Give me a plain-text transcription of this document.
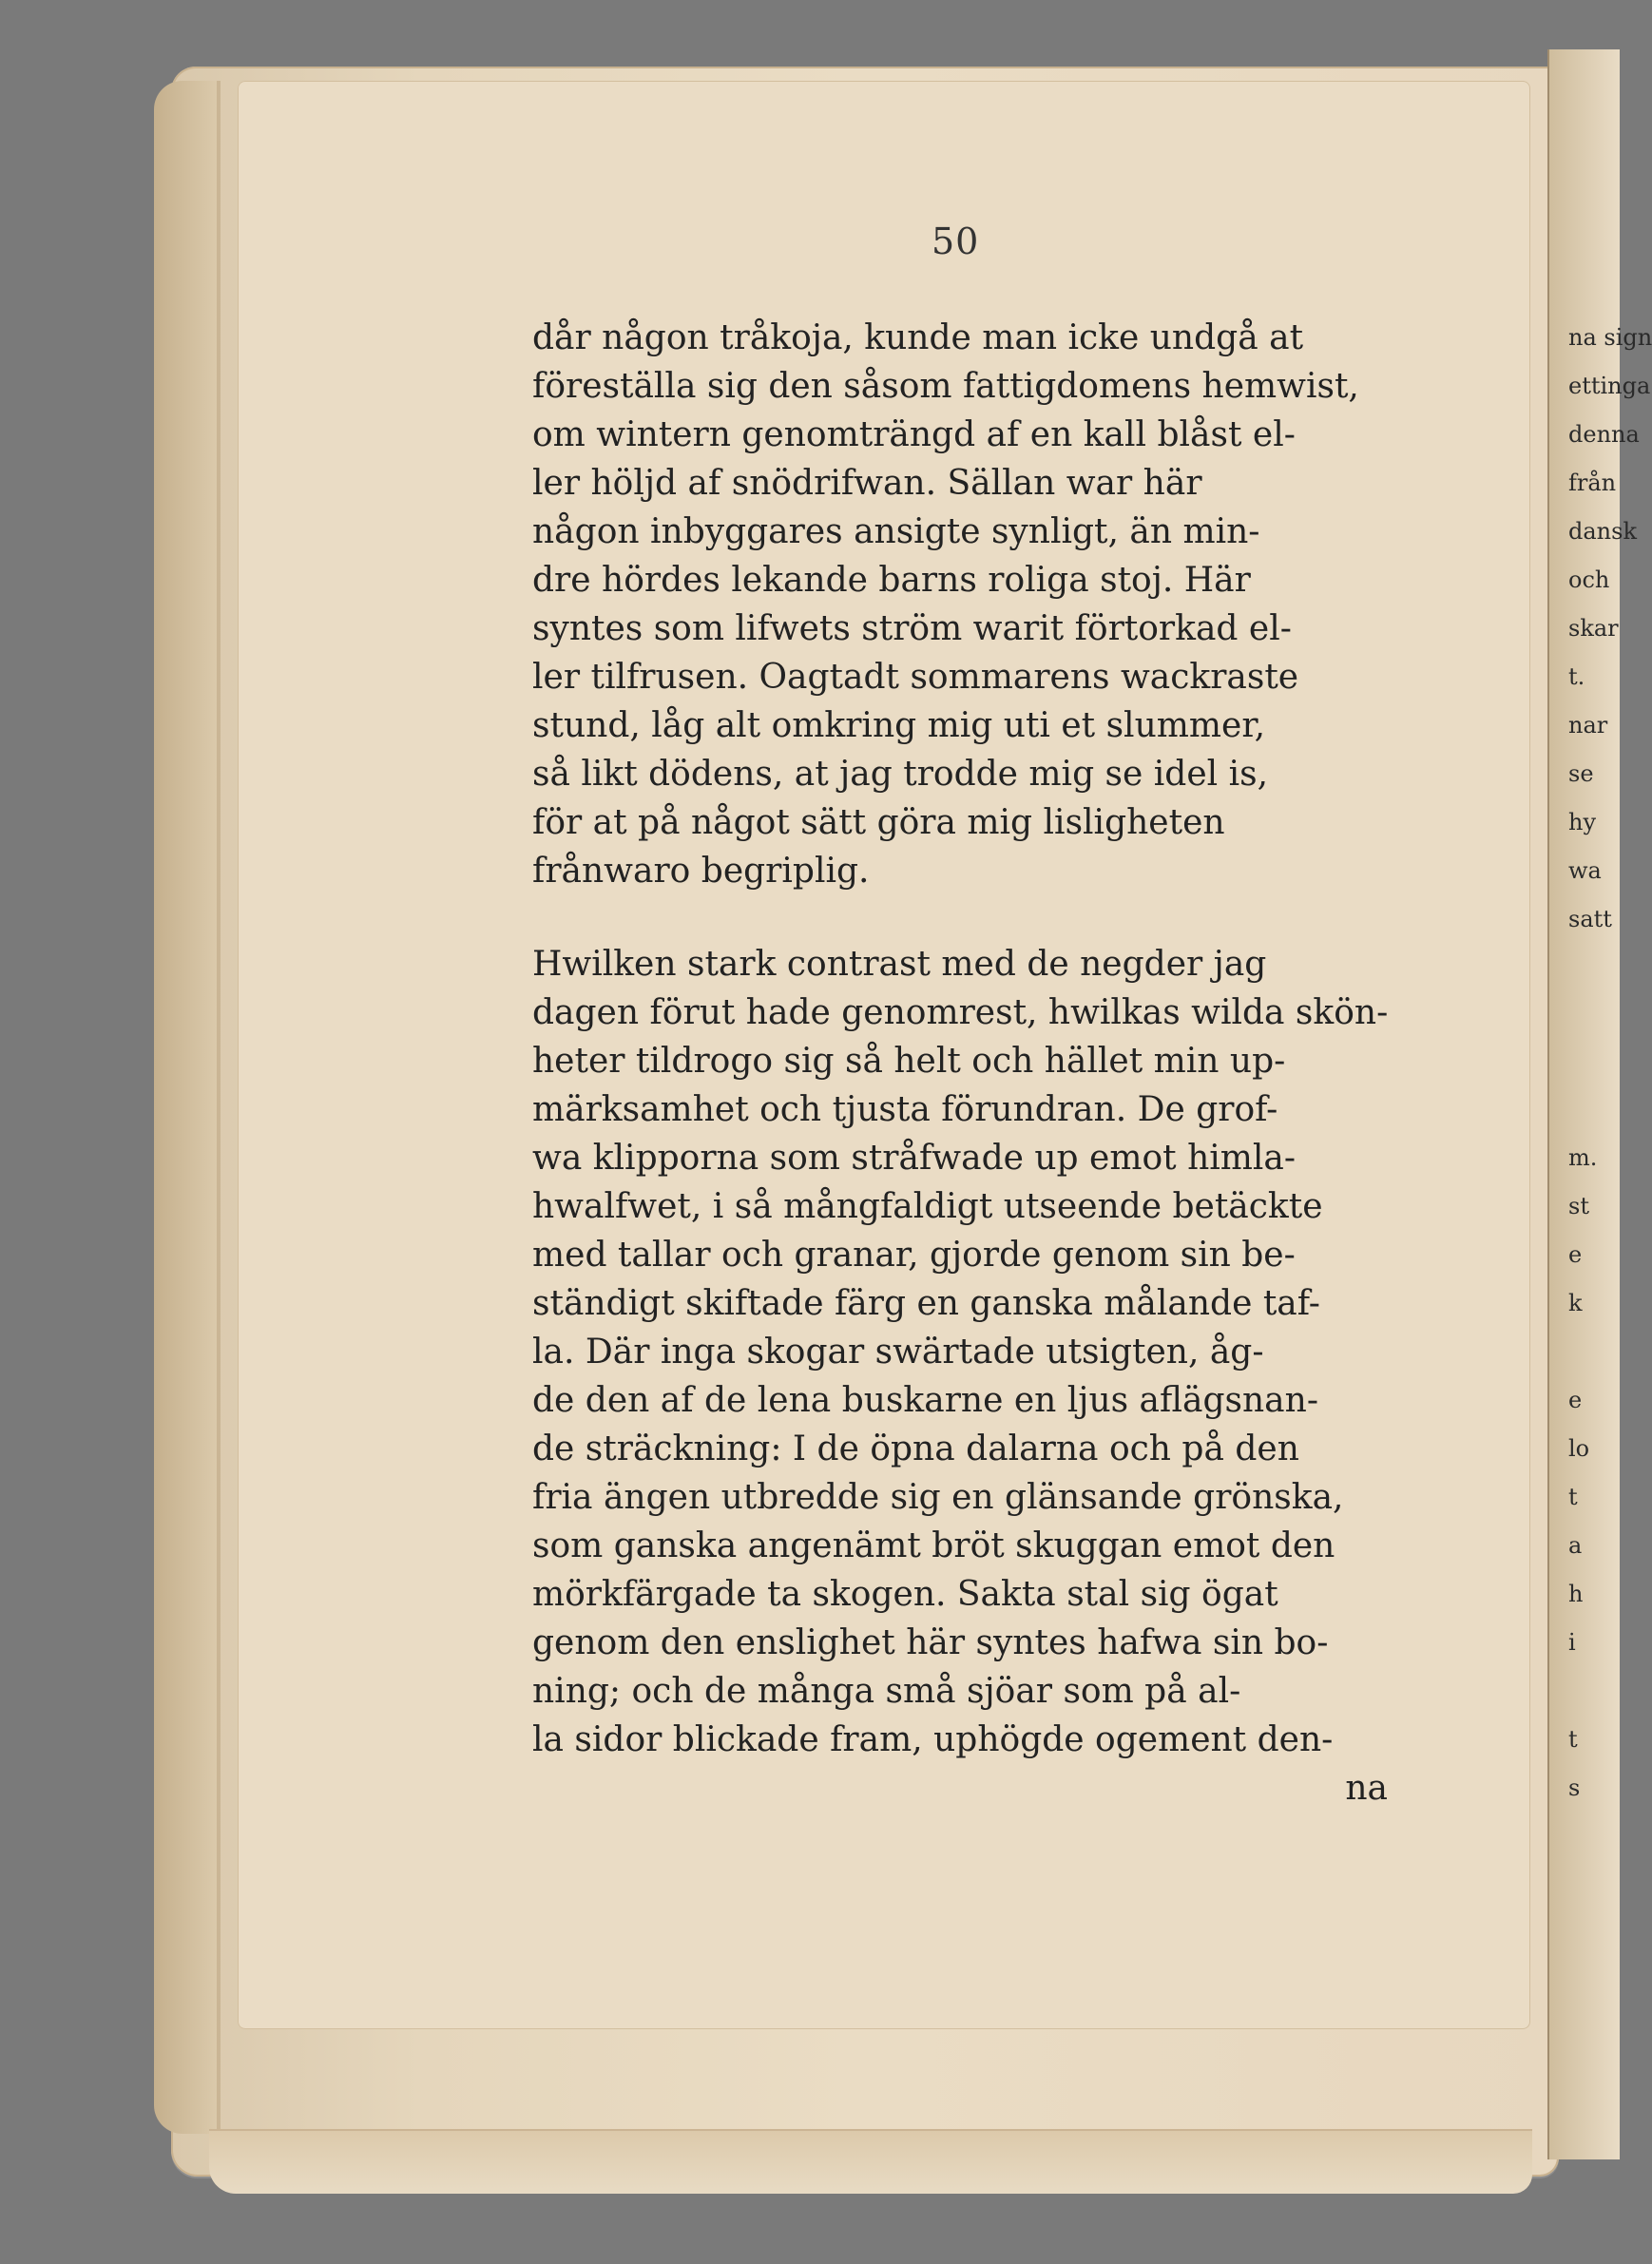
50
dår någon tråkoja, kunde man icke undgå at
föreställa sig den såsom fattigdomens hemwist,
om wintern genomträngd af en kall blåst el-
ler höljd af snödrifwan. Sällan war här
någon inbyggares ansigte synligt, än min-
dre hördes lekande barns roliga stoj. Här
syntes som lifwets ström warit förtorkad el-
ler tilfrusen. Oagtadt sommarens wackraste
stund, låg alt omkring mig uti et slummer,
så likt dödens, at jag trodde mig se idel is,
för at på något sätt göra mig lisligheten
frånwaro begriplig.
Hwilken stark contrast med de negder jag
dagen förut hade genomrest, hwilkas wilda skön-
heter tildrogo sig så helt och hället min up-
märksamhet och tjusta förundran. De grof-
wa klipporna som stråfwade up emot himla-
hwalfwet, i så mångfaldigt utseende betäckte
med tallar och granar, gjorde genom sin be-
ständigt skiftade färg en ganska målande taf-
la. Där inga skogar swärtade utsigten, åg-
de den af de lena buskarne en ljus aflägsnan-
de sträckning: I de öpna dalarna och på den
fria ängen utbredde sig en glänsande grönska,
som ganska angenämt bröt skuggan emot den
mörkfärgade ta skogen. Sakta stal sig ögat
genom den enslighet här syntes hafwa sin bo-
ning; och de många små sjöar som på al-
la sidor blickade fram, uphögde ogement den-
na
na sign
ettinga
denna
från
dansk
och
skar
t.
nar
se
hy
wa
satt
m.
st
e
k
e
lo
t
a
h
i
t
s
